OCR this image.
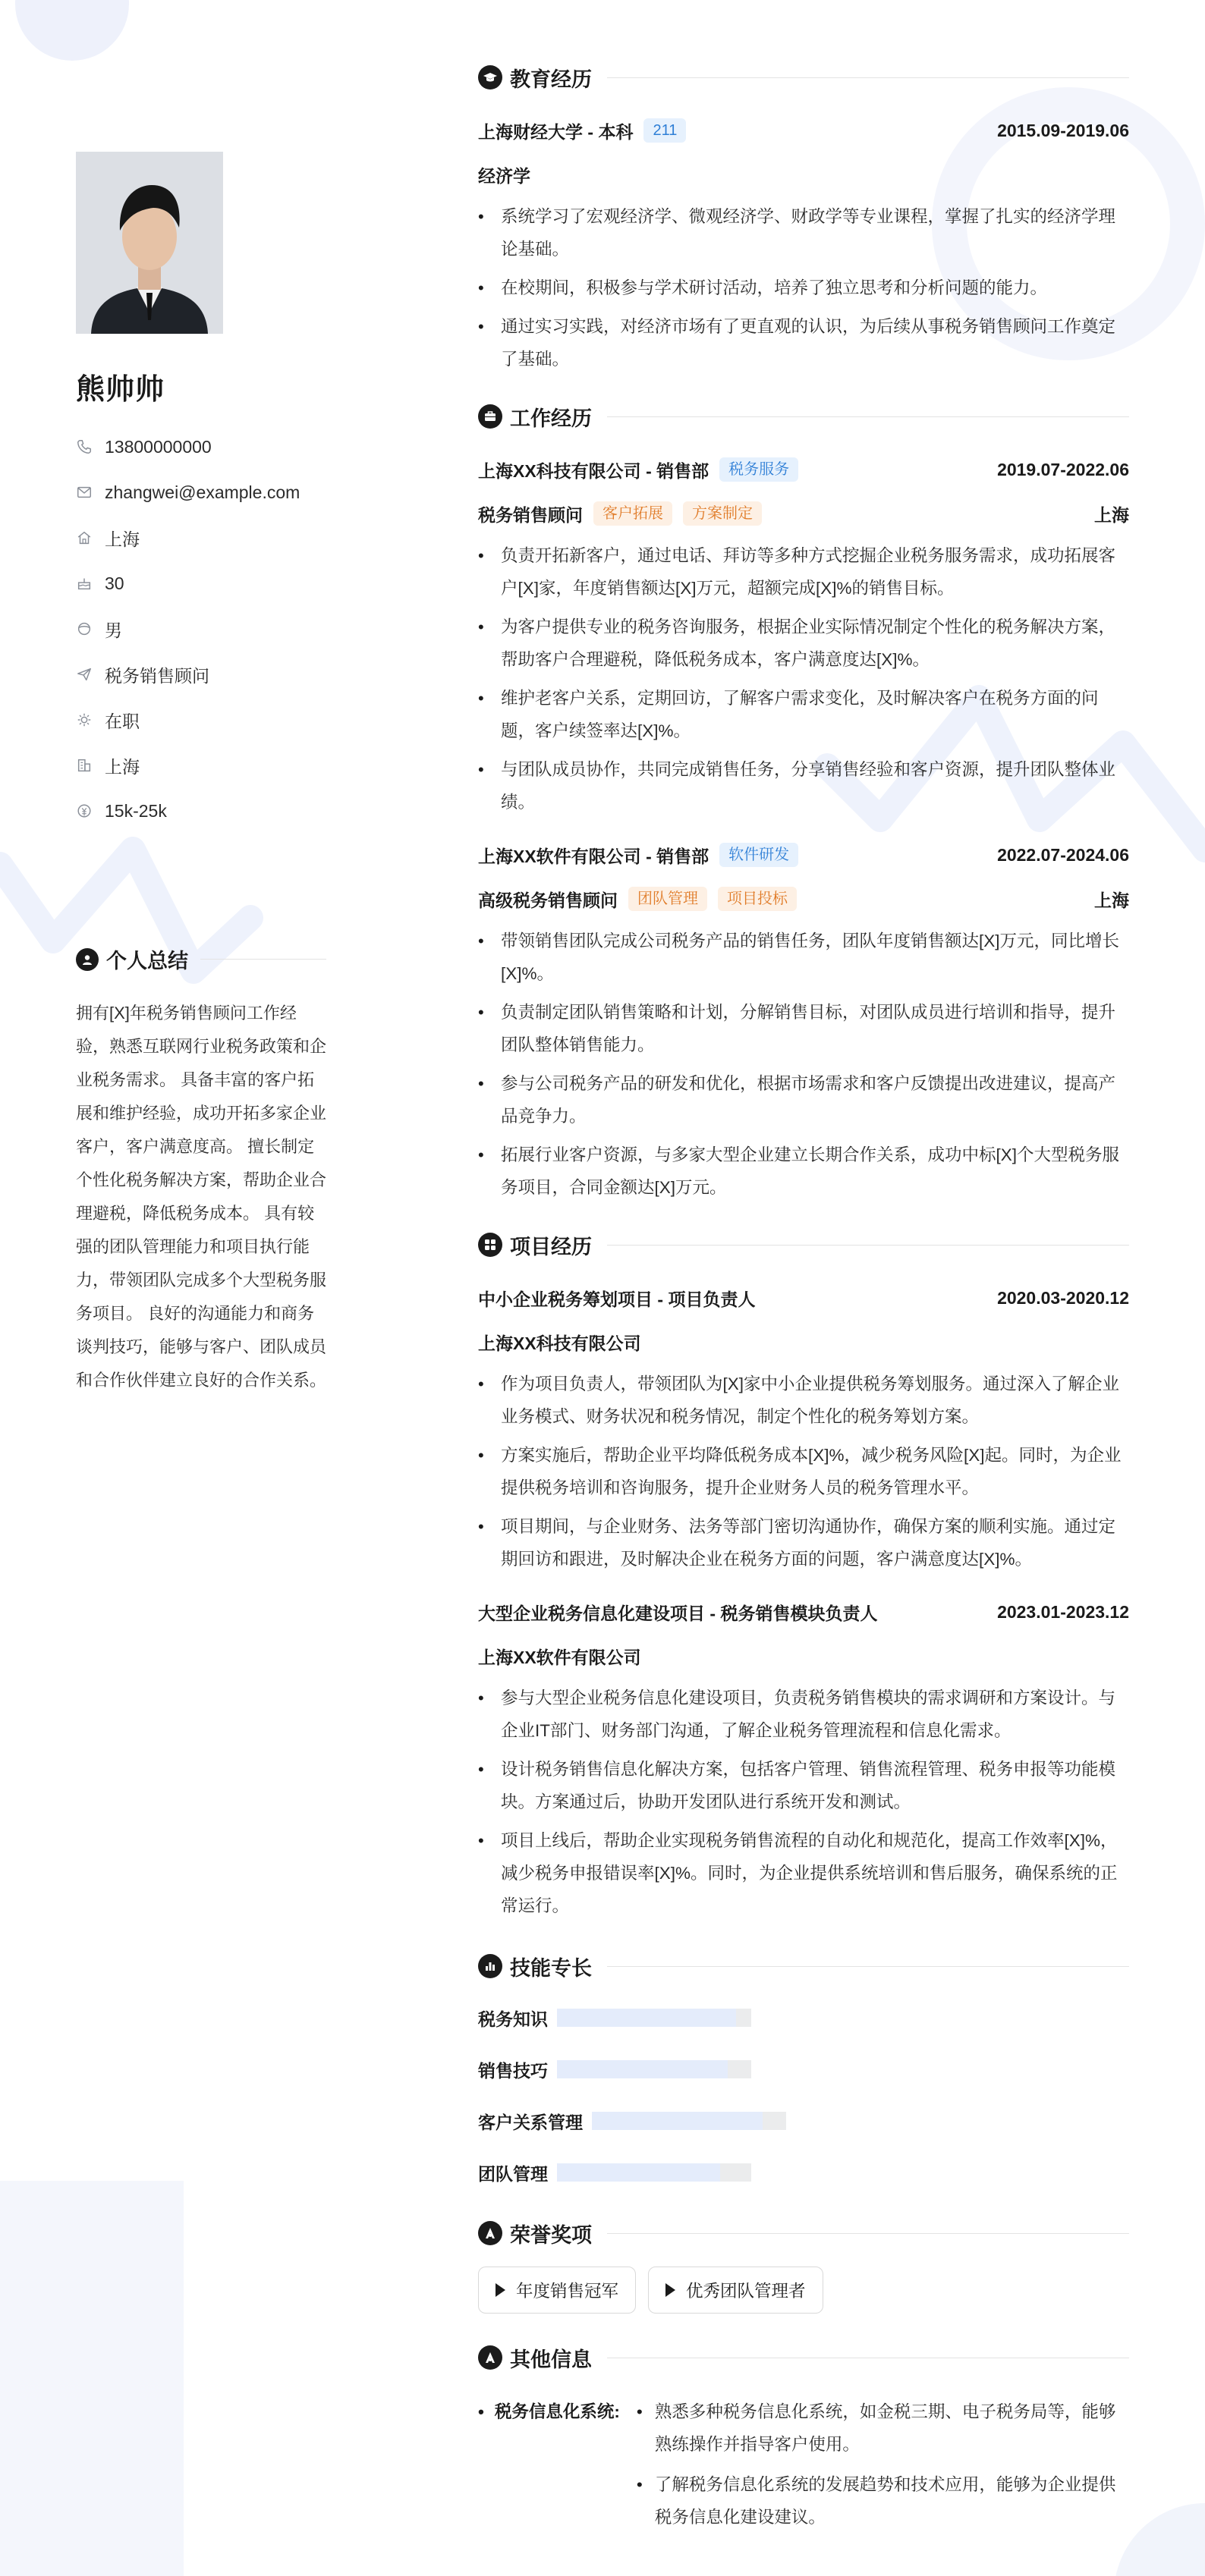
熊帅帅
13800000000
zhangwei@example.com
上海
30
男
税务销售顾问
在职
上海
15k-25k
个人总结

拥有[X]年税务销售顾问工作经验，熟悉互联网行业税务政策和企业税务需求。 具备丰富的客户拓展和维护经验，成功开拓多家企业客户，客户满意度高。 擅长制定个性化税务解决方案，帮助企业合理避税，降低税务成本。 具有较强的团队管理能力和项目执行能力，带领团队完成多个大型税务服务项目。 良好的沟通能力和商务谈判技巧，能够与客户、团队成员和合作伙伴建立良好的合作关系。

教育经历
上海财经大学 - 本科	211	2015.09-2019.06
经济学
• 系统学习了宏观经济学、微观经济学、财政学等专业课程，掌握了扎实的经济学理论基础。
• 在校期间，积极参与学术研讨活动，培养了独立思考和分析问题的能力。
• 通过实习实践，对经济市场有了更直观的认识，为后续从事税务销售顾问工作奠定了基础。
工作经历
上海XX科技有限公司 - 销售部	税务服务	2019.07-2022.06
税务销售顾问	客户拓展	方案制定	上海
• 负责开拓新客户，通过电话、拜访等多种方式挖掘企业税务服务需求，成功拓展客户[X]家，年度销售额达[X]万元，超额完成[X]%的销售目标。
• 为客户提供专业的税务咨询服务，根据企业实际情况制定个性化的税务解决方案，帮助客户合理避税，降低税务成本，客户满意度达[X]%。
• 维护老客户关系，定期回访，了解客户需求变化，及时解决客户在税务方面的问题，客户续签率达[X]%。
• 与团队成员协作，共同完成销售任务，分享销售经验和客户资源，提升团队整体业绩。
上海XX软件有限公司 - 销售部	软件研发	2022.07-2024.06
高级税务销售顾问	团队管理	项目投标	上海
• 带领销售团队完成公司税务产品的销售任务，团队年度销售额达[X]万元，同比增长[X]%。
• 负责制定团队销售策略和计划，分解销售目标，对团队成员进行培训和指导，提升团队整体销售能力。
• 参与公司税务产品的研发和优化，根据市场需求和客户反馈提出改进建议，提高产品竞争力。
• 拓展行业客户资源，与多家大型企业建立长期合作关系，成功中标[X]个大型税务服务项目，合同金额达[X]万元。
项目经历
中小企业税务筹划项目 - 项目负责人	2020.03-2020.12
上海XX科技有限公司
• 作为项目负责人，带领团队为[X]家中小企业提供税务筹划服务。通过深入了解企业业务模式、财务状况和税务情况，制定个性化的税务筹划方案。
• 方案实施后，帮助企业平均降低税务成本[X]%，减少税务风险[X]起。同时，为企业提供税务培训和咨询服务，提升企业财务人员的税务管理水平。
• 项目期间，与企业财务、法务等部门密切沟通协作，确保方案的顺利实施。通过定期回访和跟进，及时解决企业在税务方面的问题，客户满意度达[X]%。
大型企业税务信息化建设项目 - 税务销售模块负责人	2023.01-2023.12
上海XX软件有限公司
• 参与大型企业税务信息化建设项目，负责税务销售模块的需求调研和方案设计。与企业IT部门、财务部门沟通，了解企业税务管理流程和信息化需求。
• 设计税务销售信息化解决方案，包括客户管理、销售流程管理、税务申报等功能模块。方案通过后，协助开发团队进行系统开发和测试。
• 项目上线后，帮助企业实现税务销售流程的自动化和规范化，提高工作效率[X]%，减少税务申报错误率[X]%。同时，为企业提供系统培训和售后服务，确保系统的正常运行。
技能专长
税务知识
销售技巧
客户关系管理
团队管理
荣誉奖项
年度销售冠军	优秀团队管理者
其他信息
• 税务信息化系统:
•	熟悉多种税务信息化系统，如金税三期、电子税务局等，能够熟练操作并指导客户使用。
• 了解税务信息化系统的发展趋势和技术应用，能够为企业提供税务信息化建设建议。
